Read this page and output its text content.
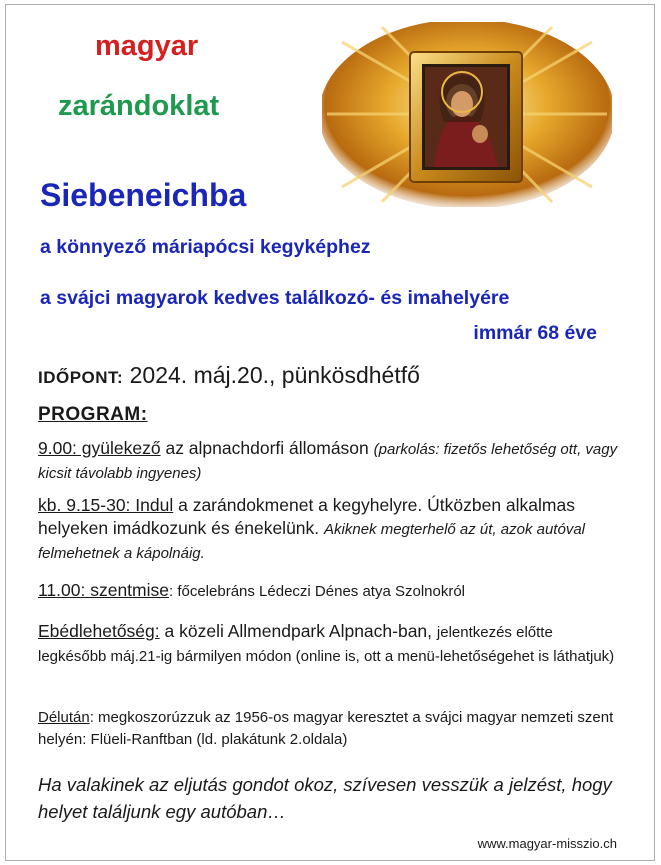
magyar
zarándoklat
Siebeneichba
a könnyező máriapócsi kegyképhez
a svájci magyarok kedves találkozó- és imahelyére
immár 68 éve
IDŐPONT: 2024. máj.20., pünkösdhétfő
PROGRAM:
9.00: gyülekező az alpnachdorfi állomáson (parkolás: fizetős lehetőség ott, vagy kicsit távolabb ingyenes)
kb. 9.15-30: Indul a zarándokmenet a kegyhelyre. Útközben alkalmas helyeken imádkozunk és énekelünk. Akiknek megterhelő az út, azok autóval felmehetnek a kápolnáig.
11.00: szentmise: főcelebráns Lédeczi Dénes atya Szolnokról
Ebédlehetőség: a közeli Allmendpark Alpnach-ban, jelentkezés előtte legkésőbb máj.21-ig bármilyen módon (online is, ott a menü-lehetőségehet is láthatjuk)
Délután: megkoszorúzzuk az 1956-os magyar keresztet a svájci magyar nemzeti szent helyén: Flüeli-Ranftban (ld. plakátunk 2.oldala)
Ha valakinek az eljutás gondot okoz, szívesen vesszük a jelzést, hogy helyet találjunk egy autóban…
www.magyar-misszio.ch
